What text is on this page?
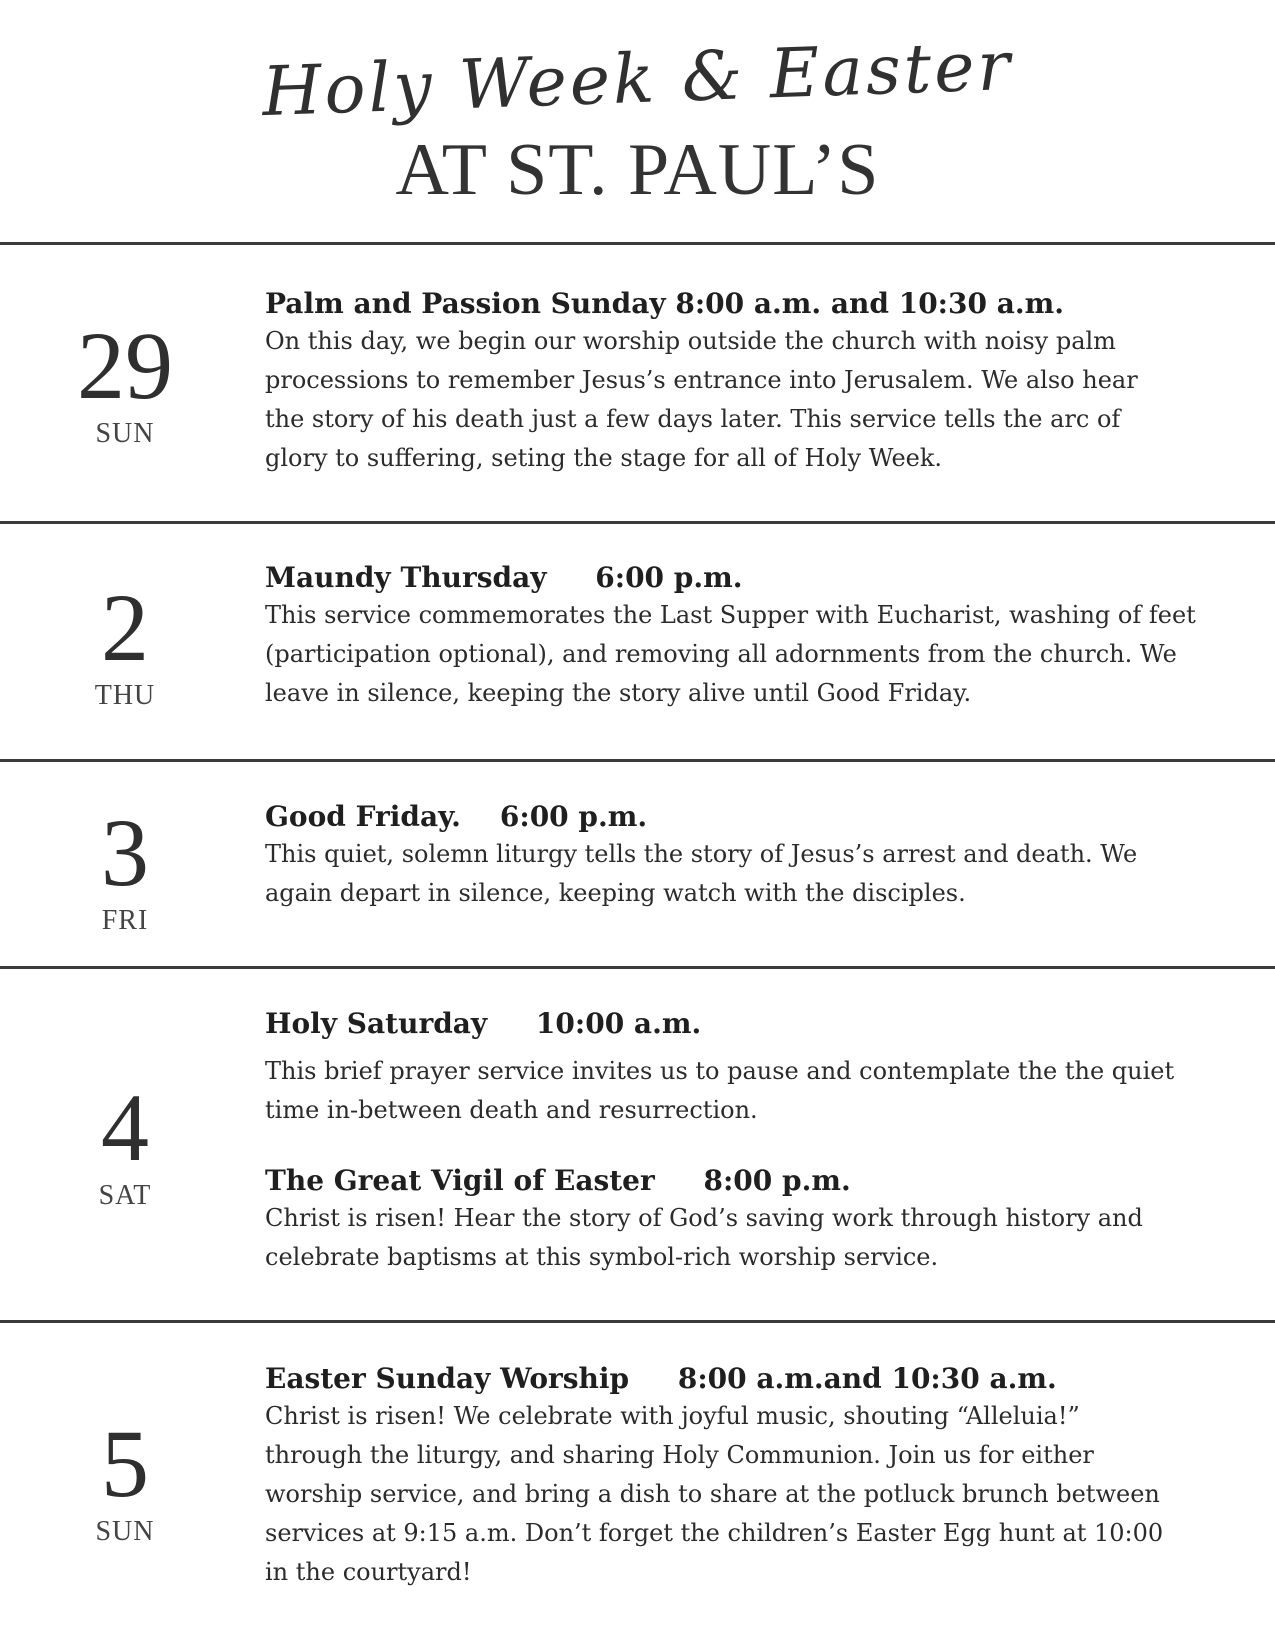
Holy Week & Easter
AT ST. PAUL’S
29
SUN
Palm and Passion Sunday 8:00 a.m. and 10:30 a.m.
On this day, we begin our worship outside the church with noisy palm processions to remember Jesus’s entrance into Jerusalem. We also hear the story of his death just a few days later. This service tells the arc of glory to suffering, seting the stage for all of Holy Week.
2
THU
Maundy Thursday     6:00 p.m.
This service commemorates the Last Supper with Eucharist, washing of feet (participation optional), and removing all adornments from the church. We leave in silence, keeping the story alive until Good Friday.
3
FRI
Good Friday.    6:00 p.m.
This quiet, solemn liturgy tells the story of Jesus’s arrest and death. We again depart in silence, keeping watch with the disciples.
4
SAT
Holy Saturday     10:00 a.m.
This brief prayer service invites us to pause and contemplate the the quiet time in-between death and resurrection.
The Great Vigil of Easter     8:00 p.m.
Christ is risen! Hear the story of God’s saving work through history and celebrate baptisms at this symbol-rich worship service.
5
SUN
Easter Sunday Worship     8:00 a.m.and 10:30 a.m.
Christ is risen! We celebrate with joyful music, shouting “Alleluia!” through the liturgy, and sharing Holy Communion. Join us for either worship service, and bring a dish to share at the potluck brunch between services at 9:15 a.m. Don’t forget the children’s Easter Egg hunt at 10:00 in the courtyard!
